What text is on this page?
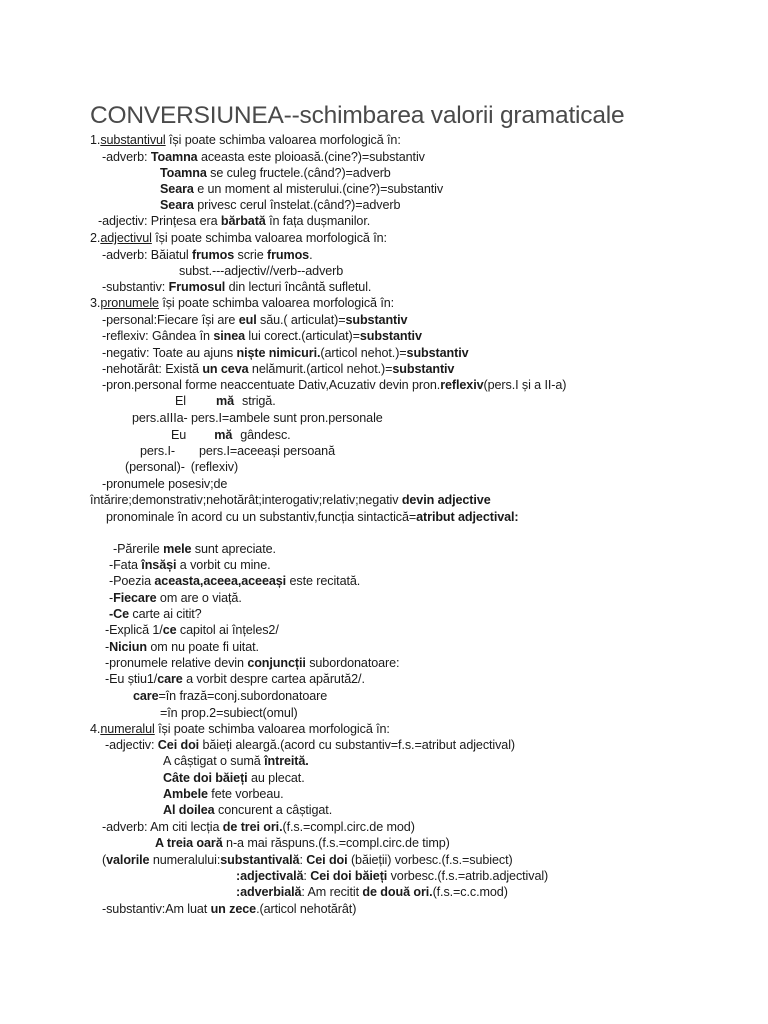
CONVERSIUNEA--schimbarea valorii gramaticale
1.substantivul își poate schimba valoarea morfologică în:
-adverb: Toamna aceasta este ploioasă.(cine?)=substantiv
Toamna se culeg fructele.(când?)=adverb
Seara e un moment al misterului.(cine?)=substantiv
Seara privesc cerul înstelat.(când?)=adverb
-adjectiv: Prințesa era bărbată în fața dușmanilor.
2.adjectivul își poate schimba valoarea morfologică în:
-adverb: Băiatul frumos scrie frumos.
subst.---adjectiv//verb--adverb
-substantiv: Frumosul din lecturi încântă sufletul.
3.pronumele își poate schimba valoarea morfologică în:
-personal:Fiecare își are eul său.( articulat)=substantiv
-reflexiv: Gândea în sinea lui corect.(articulat)=substantiv
-negativ: Toate au ajuns niște nimicuri.(articol nehot.)=substantiv
-nehotărât: Există un ceva nelămurit.(articol nehot.)=substantiv
-pron.personal forme neaccentuate Dativ,Acuzativ devin pron.reflexiv(pers.I și a II-a)
El mă strigă.
pers.aIIIa- pers.I=ambele sunt pron.personale
Eu mă gândesc.
pers.I- pers.I=aceeași persoană
(personal)- (reflexiv)
-pronumele posesiv;de
întărire;demonstrativ;nehotărât;interogativ;relativ;negativ devin adjective
pronominale în acord cu un substantiv,funcția sintactică=atribut adjectival:
-Părerile mele sunt apreciate.
-Fata însăși a vorbit cu mine.
-Poezia aceasta,aceea,aceeași este recitată.
-Fiecare om are o viață.
-Ce carte ai citit?
-Explică 1/ce capitol ai înțeles2/
-Niciun om nu poate fi uitat.
-pronumele relative devin conjuncții subordonatoare:
-Eu știu1/care a vorbit despre cartea apărută2/.
care=în frază=conj.subordonatoare
=în prop.2=subiect(omul)
4.numeralul își poate schimba valoarea morfologică în:
-adjectiv: Cei doi băieți aleargă.(acord cu substantiv=f.s.=atribut adjectival)
A câștigat o sumă întreită.
Câte doi băieți au plecat.
Ambele fete vorbeau.
Al doilea concurent a câștigat.
-adverb: Am citi lecția de trei ori.(f.s.=compl.circ.de mod)
A treia oară n-a mai răspuns.(f.s.=compl.circ.de timp)
(valorile numeralului:substantivală: Cei doi (băieții) vorbesc.(f.s.=subiect)
:adjectivală: Cei doi băieți vorbesc.(f.s.=atrib.adjectival)
:adverbială: Am recitit de două ori.(f.s.=c.c.mod)
-substantiv:Am luat un zece.(articol nehotărât)
